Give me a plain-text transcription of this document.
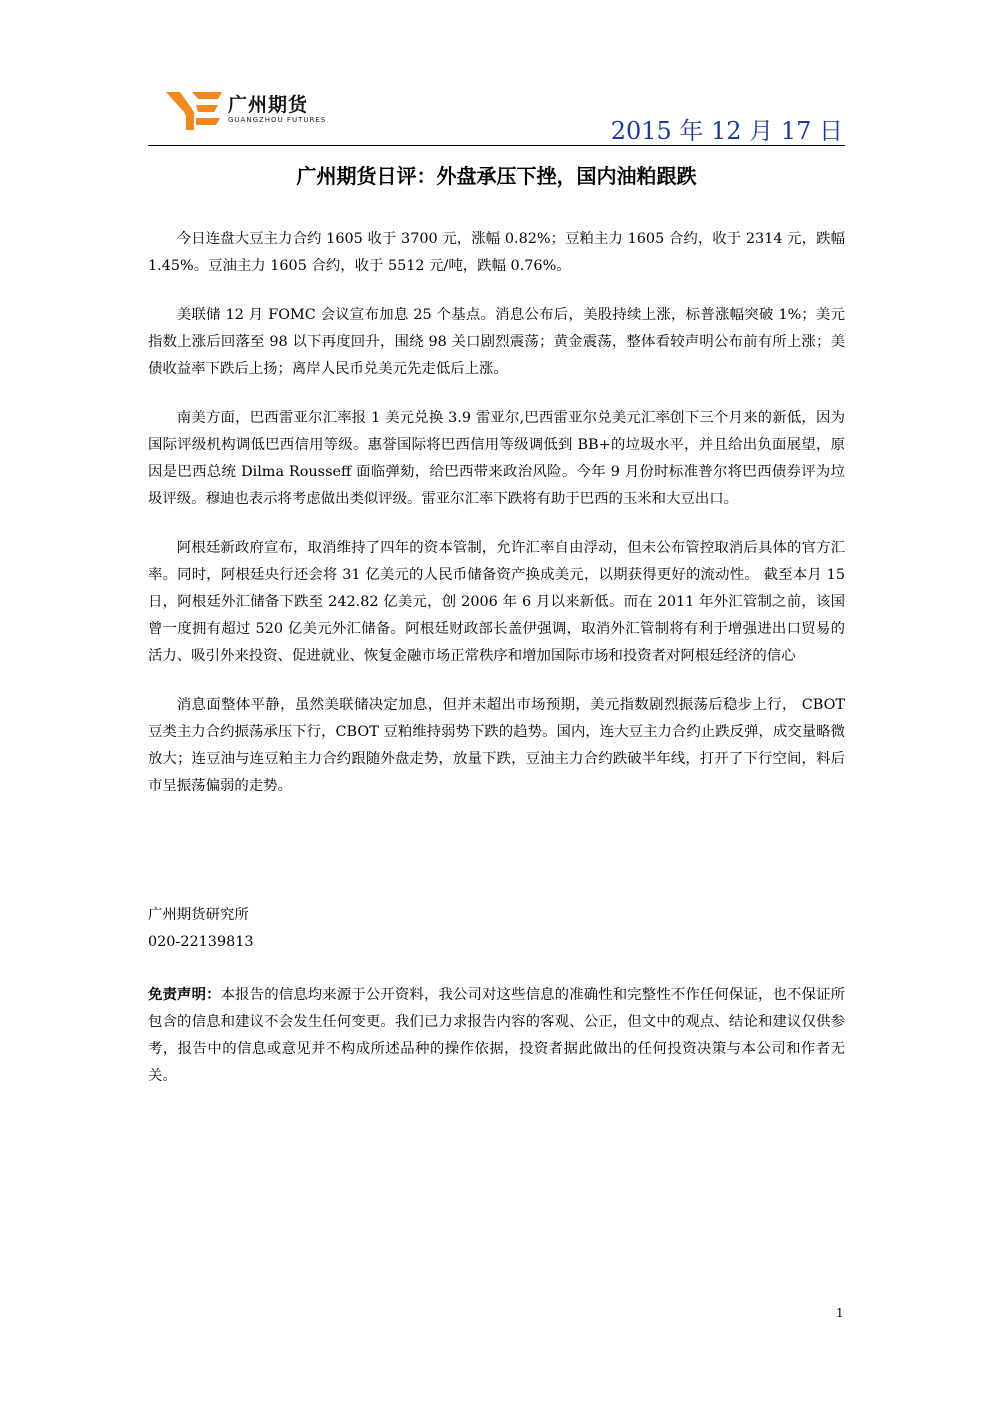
广州期货
GUANGZHOU FUTURES	2015 年 12 月 17 日
广州期货日评：外盘承压下挫，国内油粕跟跌

今日连盘大豆主力合约 1605 收于 3700 元，涨幅 0.82%；豆粕主力 1605 合约，收于 2314 元，跌幅 1.45%。豆油主力 1605 合约，收于 5512 元/吨，跌幅 0.76%。

美联储 12 月 FOMC 会议宣布加息 25 个基点。消息公布后，美股持续上涨，标普涨幅突破 1%；美元指数上涨后回落至 98 以下再度回升，围绕 98 关口剧烈震荡；黄金震荡，整体看较声明公布前有所上涨；美债收益率下跌后上扬；离岸人民币兑美元先走低后上涨。

南美方面，巴西雷亚尔汇率报 1 美元兑换 3.9 雷亚尔,巴西雷亚尔兑美元汇率创下三个月来的新低，因为国际评级机构调低巴西信用等级。惠誉国际将巴西信用等级调低到 BB+的垃圾水平，并且给出负面展望，原因是巴西总统 Dilma Rousseff 面临弹劾，给巴西带来政治风险。今年 9 月份时标准普尔将巴西债券评为垃圾评级。穆迪也表示将考虑做出类似评级。雷亚尔汇率下跌将有助于巴西的玉米和大豆出口。

阿根廷新政府宣布，取消维持了四年的资本管制，允许汇率自由浮动，但未公布管控取消后具体的官方汇率。同时，阿根廷央行还会将 31 亿美元的人民币储备资产换成美元，以期获得更好的流动性。 截至本月 15 日，阿根廷外汇储备下跌至 242.82 亿美元，创 2006 年 6 月以来新低。而在 2011 年外汇管制之前，该国曾一度拥有超过 520 亿美元外汇储备。阿根廷财政部长盖伊强调，取消外汇管制将有利于增强进出口贸易的活力、吸引外来投资、促进就业、恢复金融市场正常秩序和增加国际市场和投资者对阿根廷经济的信心

消息面整体平静，虽然美联储决定加息，但并未超出市场预期，美元指数剧烈振荡后稳步上行， CBOT 豆类主力合约振荡承压下行，CBOT 豆粕维持弱势下跌的趋势。国内，连大豆主力合约止跌反弹，成交量略微放大；连豆油与连豆粕主力合约跟随外盘走势，放量下跌，豆油主力合约跌破半年线，打开了下行空间，料后市呈振荡偏弱的走势。

广州期货研究所
020-22139813
免责声明：本报告的信息均来源于公开资料，我公司对这些信息的准确性和完整性不作任何保证，也不保证所包含的信息和建议不会发生任何变更。我们已力求报告内容的客观、公正，但文中的观点、结论和建议仅供参考，报告中的信息或意见并不构成所述品种的操作依据，投资者据此做出的任何投资决策与本公司和作者无关。
1
